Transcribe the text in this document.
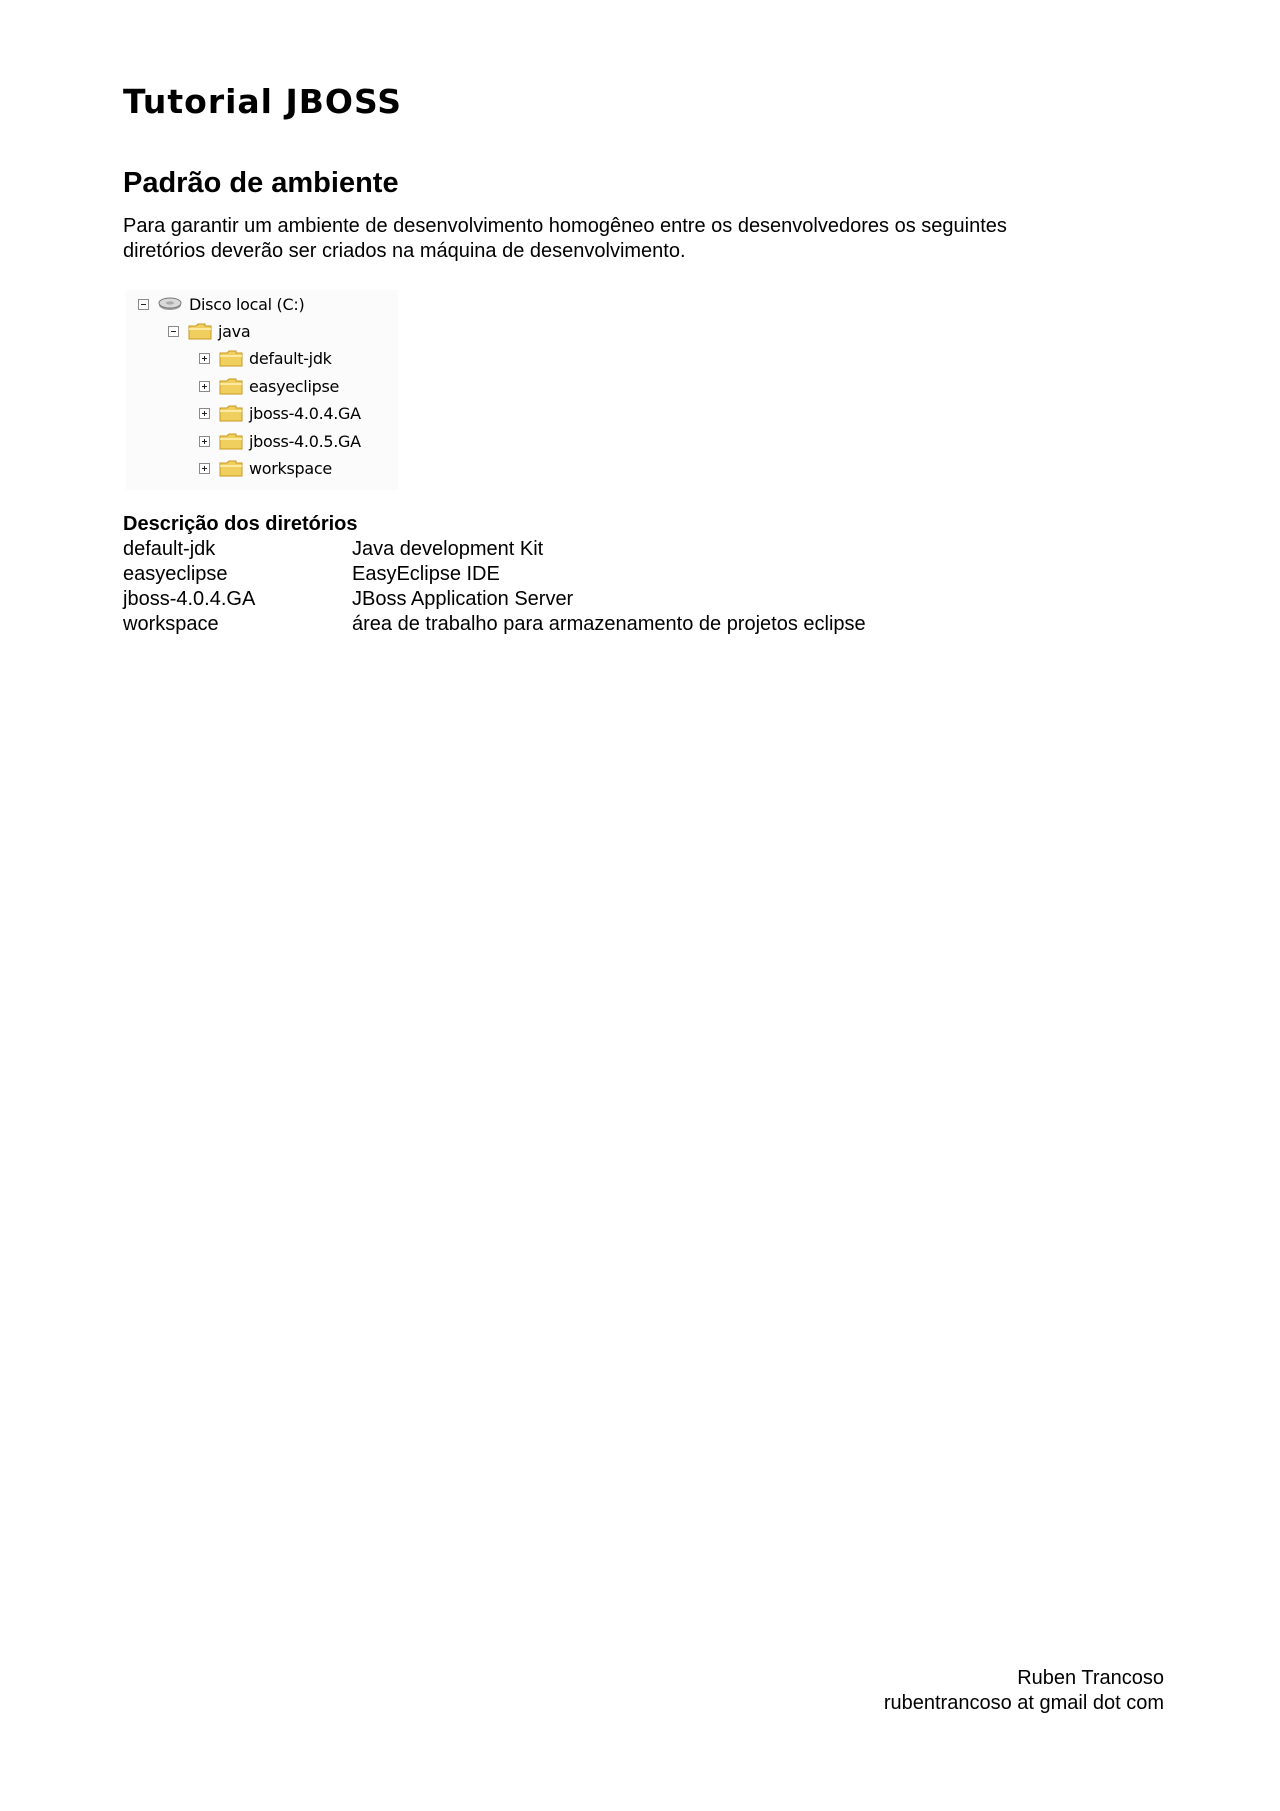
Tutorial JBOSS
Padrão de ambiente

Para garantir um ambiente de desenvolvimento homogêneo entre os desenvolvedores os seguintes
diretórios deverão ser criados na máquina de desenvolvimento.

Disco local (C:)
java
default-jdk
easyeclipse
jboss-4.0.4.GA
jboss-4.0.5.GA
workspace
Descrição dos diretórios
default-jdk	Java development Kit
easyeclipse	EasyEclipse IDE
jboss-4.0.4.GA	JBoss Application Server
workspace	área de trabalho para armazenamento de projetos eclipse
Ruben Trancoso
rubentrancoso at gmail dot com
